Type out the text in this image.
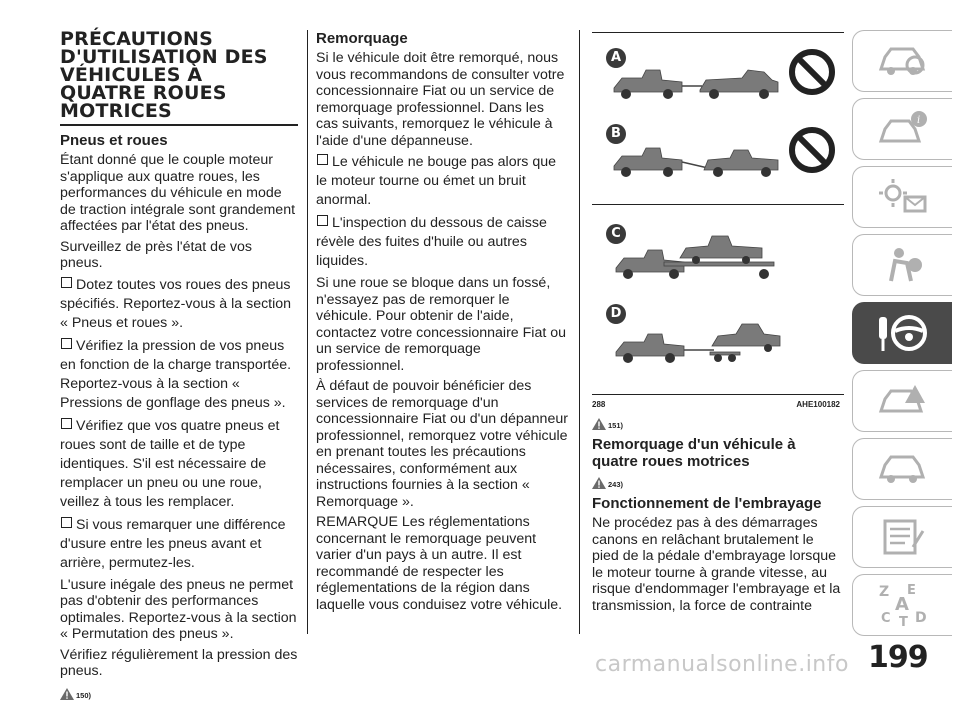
PRÉCAUTIONS
D'UTILISATION DES
VÉHICULES À
QUATRE ROUES
MOTRICES
Pneus et roues

Étant donné que le couple moteur s'applique aux quatre roues, les performances du véhicule en mode de traction intégrale sont grandement affectées par l'état des pneus.

Surveillez de près l'état de vos pneus.

Dotez toutes vos roues des pneus spécifiés. Reportez-vous à la section « Pneus et roues ».
Vérifiez la pression de vos pneus en fonction de la charge transportée. Reportez-vous à la section « Pressions de gonflage des pneus ».
Vérifiez que vos quatre pneus et roues sont de taille et de type identiques. S'il est nécessaire de remplacer un pneu ou une roue, veillez à tous les remplacer.
Si vous remarquer une différence d'usure entre les pneus avant et arrière, permutez-les.

L'usure inégale des pneus ne permet pas d'obtenir des performances optimales. Reportez-vous à la section « Permutation des pneus ».

Vérifiez régulièrement la pression des pneus.

150)
Remorquage

Si le véhicule doit être remorqué, nous vous recommandons de consulter votre concessionnaire Fiat ou un service de remorquage professionnel. Dans les cas suivants, remorquez le véhicule à l'aide d'une dépanneuse.

Le véhicule ne bouge pas alors que le moteur tourne ou émet un bruit anormal.
L'inspection du dessous de caisse révèle des fuites d'huile ou autres liquides.

Si une roue se bloque dans un fossé, n'essayez pas de remorquer le véhicule. Pour obtenir de l'aide, contactez votre concessionnaire Fiat ou un service de remorquage professionnel.

À défaut de pouvoir bénéficier des services de remorquage d'un concessionnaire Fiat ou d'un dépanneur professionnel, remorquez votre véhicule en prenant toutes les précautions nécessaires, conformément aux instructions fournies à la section « Remorquage ».

REMARQUE Les réglementations concernant le remorquage peuvent varier d'un pays à un autre. Il est recommandé de respecter les réglementations de la région dans laquelle vous conduisez votre véhicule.

A
B
C
D
288	AHE100182
151)
Remorquage d'un véhicule à quatre roues motrices
243)
Fonctionnement de l'embrayage

Ne procédez pas à des démarrages canons en relâchant brutalement le pied de la pédale d'embrayage lorsque le moteur tourne à grande vitesse, au risque d'endommager l'embrayage et la transmission, la force de contrainte

i
Z E
A
C T D
199
carmanualsonline.info
